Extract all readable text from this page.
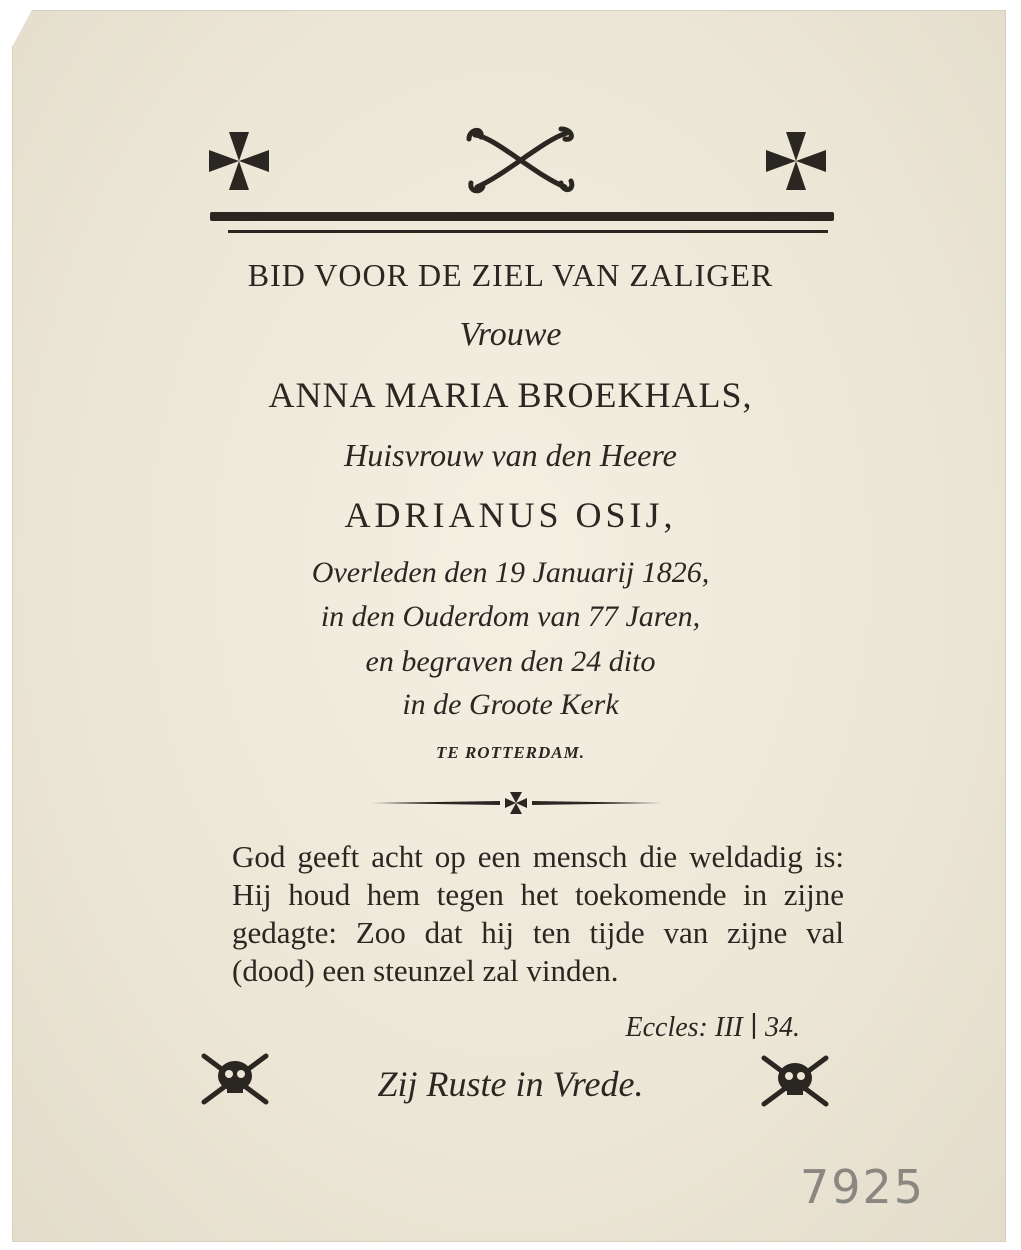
BID VOOR DE ZIEL VAN ZALIGER
Vrouwe
ANNA MARIA BROEKHALS,
Huisvrouw van den Heere
ADRIANUS OSIJ,
Overleden den 19 Januarij 1826,
in den Ouderdom van 77 Jaren,
en begraven den 24 dito
in de Groote Kerk
TE ROTTERDAM.
God geeft acht op een mensch die weldadig is: Hij houd hem tegen het toekomende in zijne gedagte: Zoo dat hij ten tijde van zijne val (dood) een steunzel zal vinden.
Eccles: III ∣ 34.
Zij Ruste in Vrede.
7925
